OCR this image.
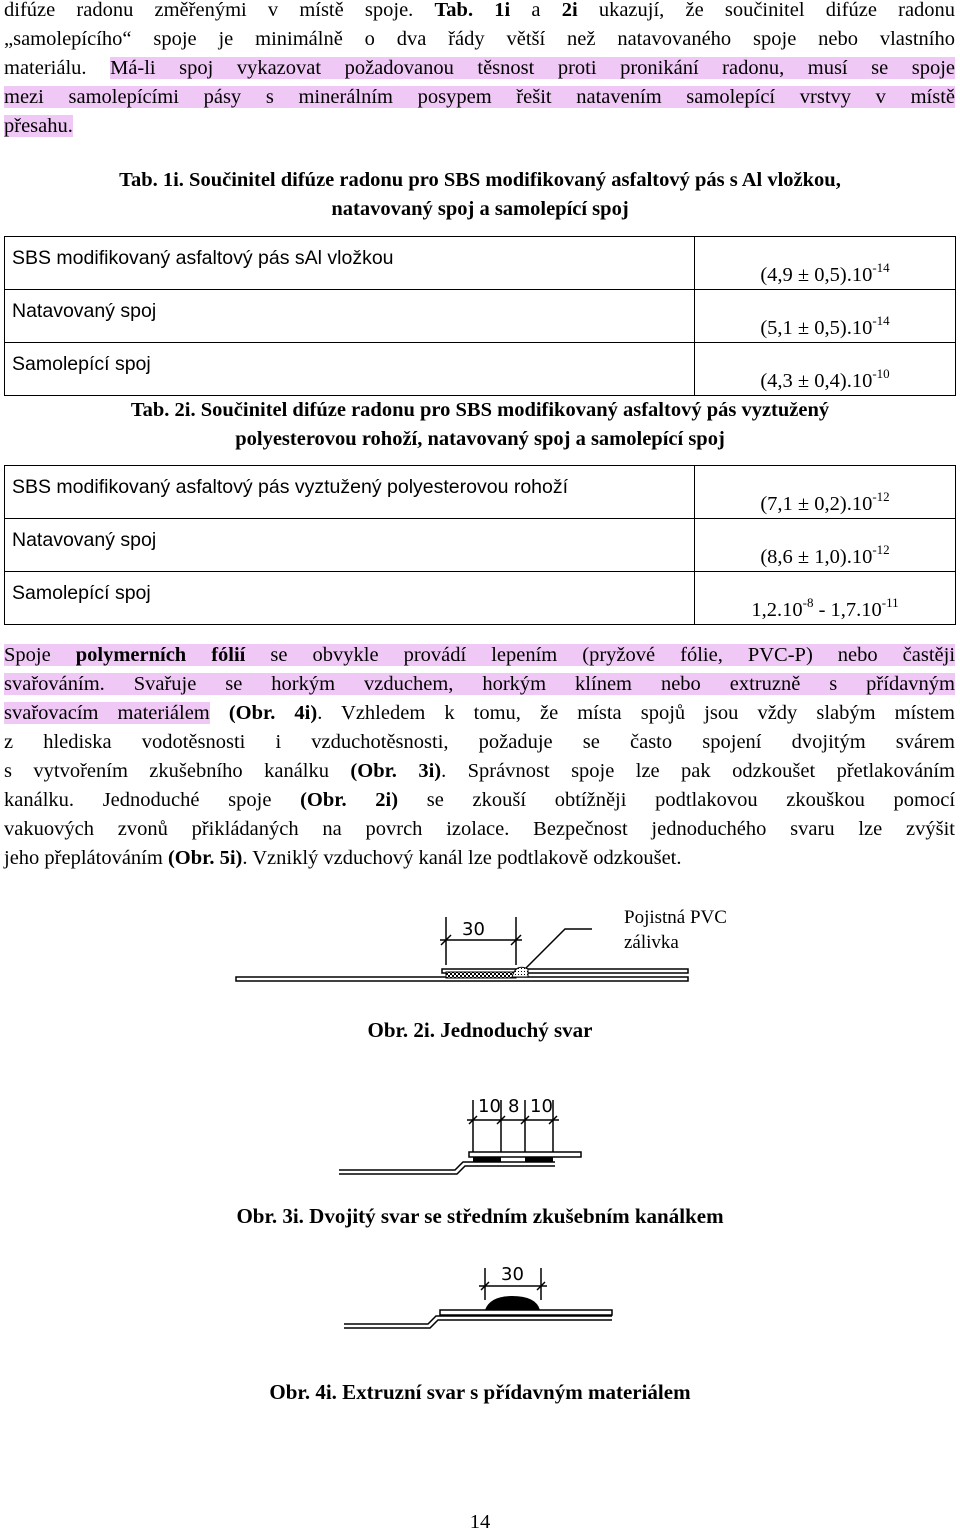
difúze radonu změřenými v místě spoje. Tab. 1i a 2i ukazují, že součinitel difúze radonu
„samolepícího“ spoje je minimálně o dva řády větší než natavovaného spoje nebo vlastního
materiálu. Má-li spoj vykazovat požadovanou těsnost proti pronikání radonu, musí se spoje
mezi samolepícími pásy s minerálním posypem řešit natavením samolepící vrstvy v místě
přesahu.
Tab. 1i. Součinitel difúze radonu pro SBS modifikovaný asfaltový pás s Al vložkou,
natavovaný spoj a samolepící spoj
SBS modifikovaný asfaltový pás sAl vložkou	$(4,9 \pm 0,5).10^{-14}$
Natavovaný spoj	$(5,1 \pm 0,5).10^{-14}$
Samolepící spoj	$(4,3 \pm 0,4).10^{-10}$
Tab. 2i. Součinitel difúze radonu pro SBS modifikovaný asfaltový pás vyztužený
polyesterovou rohoží, natavovaný spoj a samolepící spoj
SBS modifikovaný asfaltový pás vyztužený polyesterovou rohoží	$(7,1 \pm 0,2).10^{-12}$
Natavovaný spoj	$(8,6 \pm 1,0).10^{-12}$
Samolepící spoj	$1,2.10^{-8} - 1,7.10^{-11}$
Spoje polymerních fólií se obvykle provádí lepením (pryžové fólie, PVC-P) nebo častěji
svařováním. Svařuje se horkým vzduchem, horkým klínem nebo extruzně s přídavným
svařovacím materiálem (Obr. 4i). Vzhledem k tomu, že místa spojů jsou vždy slabým místem
z hlediska vodotěsnosti i vzduchotěsnosti, požaduje se často spojení dvojitým svárem
s vytvořením zkušebního kanálku (Obr. 3i). Správnost spoje lze pak odzkoušet přetlakováním
kanálku. Jednoduché spoje (Obr. 2i) se zkouší obtížněji podtlakovou zkouškou pomocí
vakuových zvonů přikládaných na povrch izolace. Bezpečnost jednoduchého svaru lze zvýšit
jeho přeplátováním (Obr. 5i). Vzniklý vzduchový kanál lze podtlakově odzkoušet.
30
Pojistná PVC
zálivka
Obr. 2i. Jednoduchý svar
10 8 10
Obr. 3i. Dvojitý svar se středním zkušebním kanálkem
30
Obr. 4i. Extruzní svar s přídavným materiálem
14
